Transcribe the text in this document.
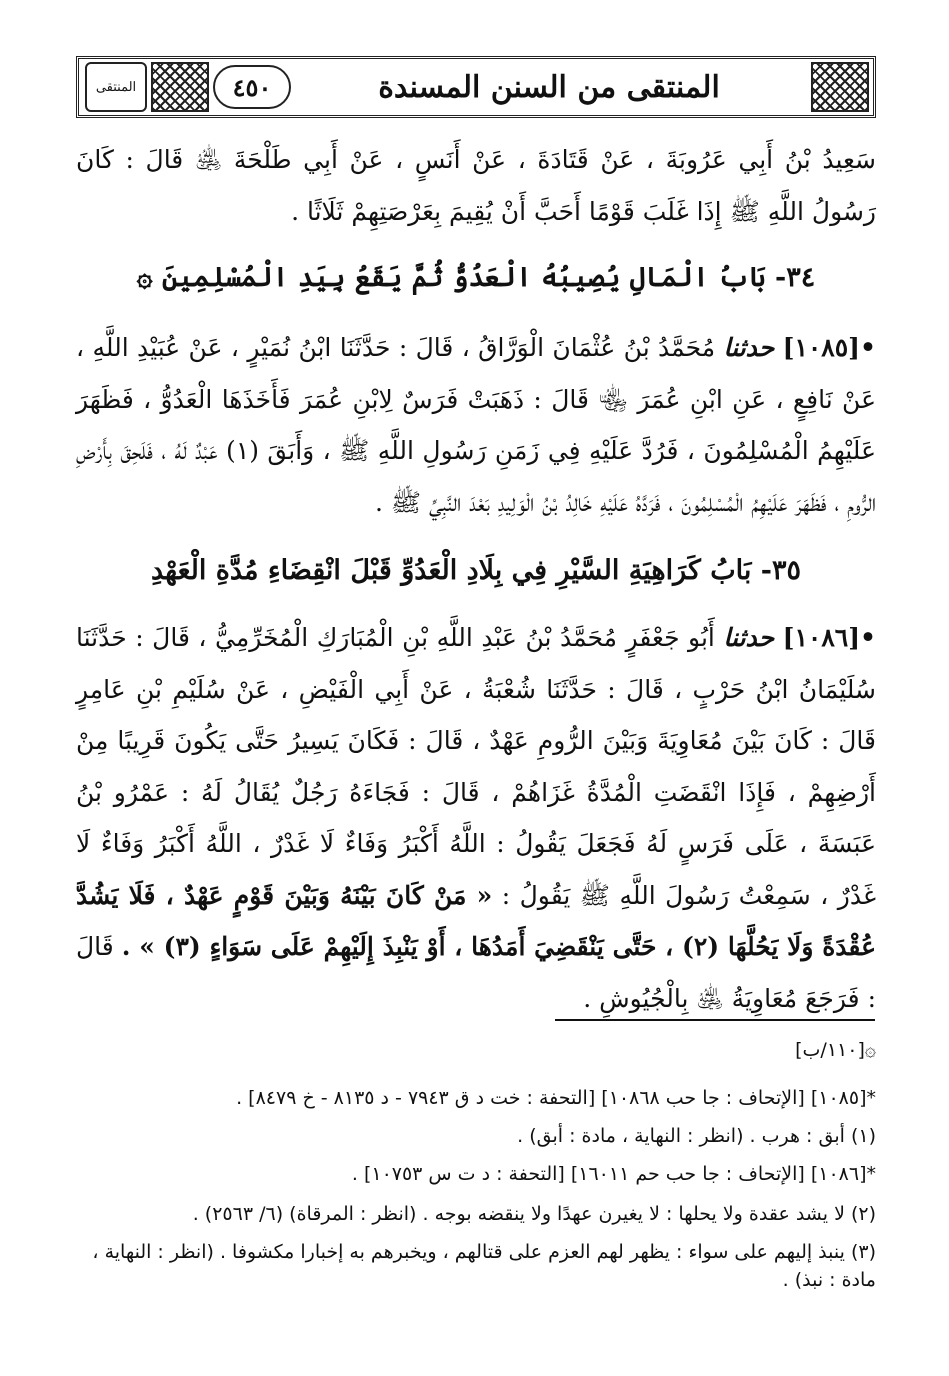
المنتقى	٤٥٠	المنتقى من السنن المسندة
سَعِيدُ بْنُ أَبِي عَرُوبَةَ ، عَنْ قَتَادَةَ ، عَنْ أَنَسٍ ، عَنْ أَبِي طَلْحَةَ ﵁ قَالَ : كَانَ رَسُولُ اللَّهِ ﷺ إِذَا غَلَبَ قَوْمًا أَحَبَّ أَنْ يُقِيمَ بِعَرْصَتِهِمْ ثَلَاثًا .
٣٤- بَابُ الْمَالِ يُصِيبُهُ الْعَدُوُّ ثُمَّ يَقَعُ بِيَدِ الْمُسْلِمِينَ ۞
•[١٠٨٥] حدثنا مُحَمَّدُ بْنُ عُثْمَانَ الْوَرَّاقُ ، قَالَ : حَدَّثَنَا ابْنُ نُمَيْرٍ ، عَنْ عُبَيْدِ اللَّهِ ، عَنْ نَافِعٍ ، عَنِ ابْنِ عُمَرَ ﵄ قَالَ : ذَهَبَتْ فَرَسٌ لِابْنِ عُمَرَ فَأَخَذَهَا الْعَدُوُّ ، فَظَهَرَ عَلَيْهِمُ الْمُسْلِمُونَ ، فَرُدَّ عَلَيْهِ فِي زَمَنِ رَسُولِ اللَّهِ ﷺ ، وَأَبَقَ (١) عَبْدٌ لَهُ ، فَلَحِقَ بِأَرْضِ الرُّومِ ، فَظَهَرَ عَلَيْهِمُ الْمُسْلِمُونَ ، فَرَدَّهُ عَلَيْهِ خَالِدُ بْنُ الْوَلِيدِ بَعْدَ النَّبِيِّ ﷺ .
٣٥- بَابُ كَرَاهِيَةِ السَّيْرِ فِي بِلَادِ الْعَدُوِّ قَبْلَ انْقِضَاءِ مُدَّةِ الْعَهْدِ
•[١٠٨٦] حدثنا أَبُو جَعْفَرٍ مُحَمَّدُ بْنُ عَبْدِ اللَّهِ بْنِ الْمُبَارَكِ الْمُخَرِّمِيُّ ، قَالَ : حَدَّثَنَا سُلَيْمَانُ ابْنُ حَرْبٍ ، قَالَ : حَدَّثَنَا شُعْبَةُ ، عَنْ أَبِي الْفَيْضِ ، عَنْ سُلَيْمِ بْنِ عَامِرٍ قَالَ : كَانَ بَيْنَ مُعَاوِيَةَ وَبَيْنَ الرُّومِ عَهْدٌ ، قَالَ : فَكَانَ يَسِيرُ حَتَّى يَكُونَ قَرِيبًا مِنْ أَرْضِهِمْ ، فَإِذَا انْقَضَتِ الْمُدَّةُ غَزَاهُمْ ، قَالَ : فَجَاءَهُ رَجُلٌ يُقَالُ لَهُ : عَمْرُو بْنُ عَبَسَةَ ، عَلَى فَرَسٍ لَهُ فَجَعَلَ يَقُولُ : اللَّهُ أَكْبَرُ وَفَاءٌ لَا غَدْرٌ ، اللَّهُ أَكْبَرُ وَفَاءٌ لَا غَدْرٌ ، سَمِعْتُ رَسُولَ اللَّهِ ﷺ يَقُولُ : « مَنْ كَانَ بَيْنَهُ وَبَيْنَ قَوْمٍ عَهْدٌ ، فَلَا يَشُدَّ عُقْدَةً وَلَا يَحُلَّهَا (٢) ، حَتَّى يَنْقَضِيَ أَمَدُهَا ، أَوْ يَنْبِذَ إِلَيْهِمْ عَلَى سَوَاءٍ (٣) » . قَالَ : فَرَجَعَ مُعَاوِيَةُ ﵁ بِالْجُيُوشِ .
۞[١١٠/ب]
*[١٠٨٥] [الإتحاف : جا حب ١٠٨٦٨] [التحفة : خت د ق ٧٩٤٣ - د ٨١٣٥ - خ ٨٤٧٩] .
(١) أبق : هرب . (انظر : النهاية ، مادة : أبق) .
*[١٠٨٦] [الإتحاف : جا حب حم ١٦٠١١] [التحفة : د ت س ١٠٧٥٣] .
(٢) لا يشد عقدة ولا يحلها : لا يغيرن عهدًا ولا ينقضه بوجه . (انظر : المرقاة) (٦/ ٢٥٦٣) .
(٣) ينبذ إليهم على سواء : يظهر لهم العزم على قتالهم ، ويخبرهم به إخبارا مكشوفا . (انظر : النهاية ، مادة : نبذ) .
